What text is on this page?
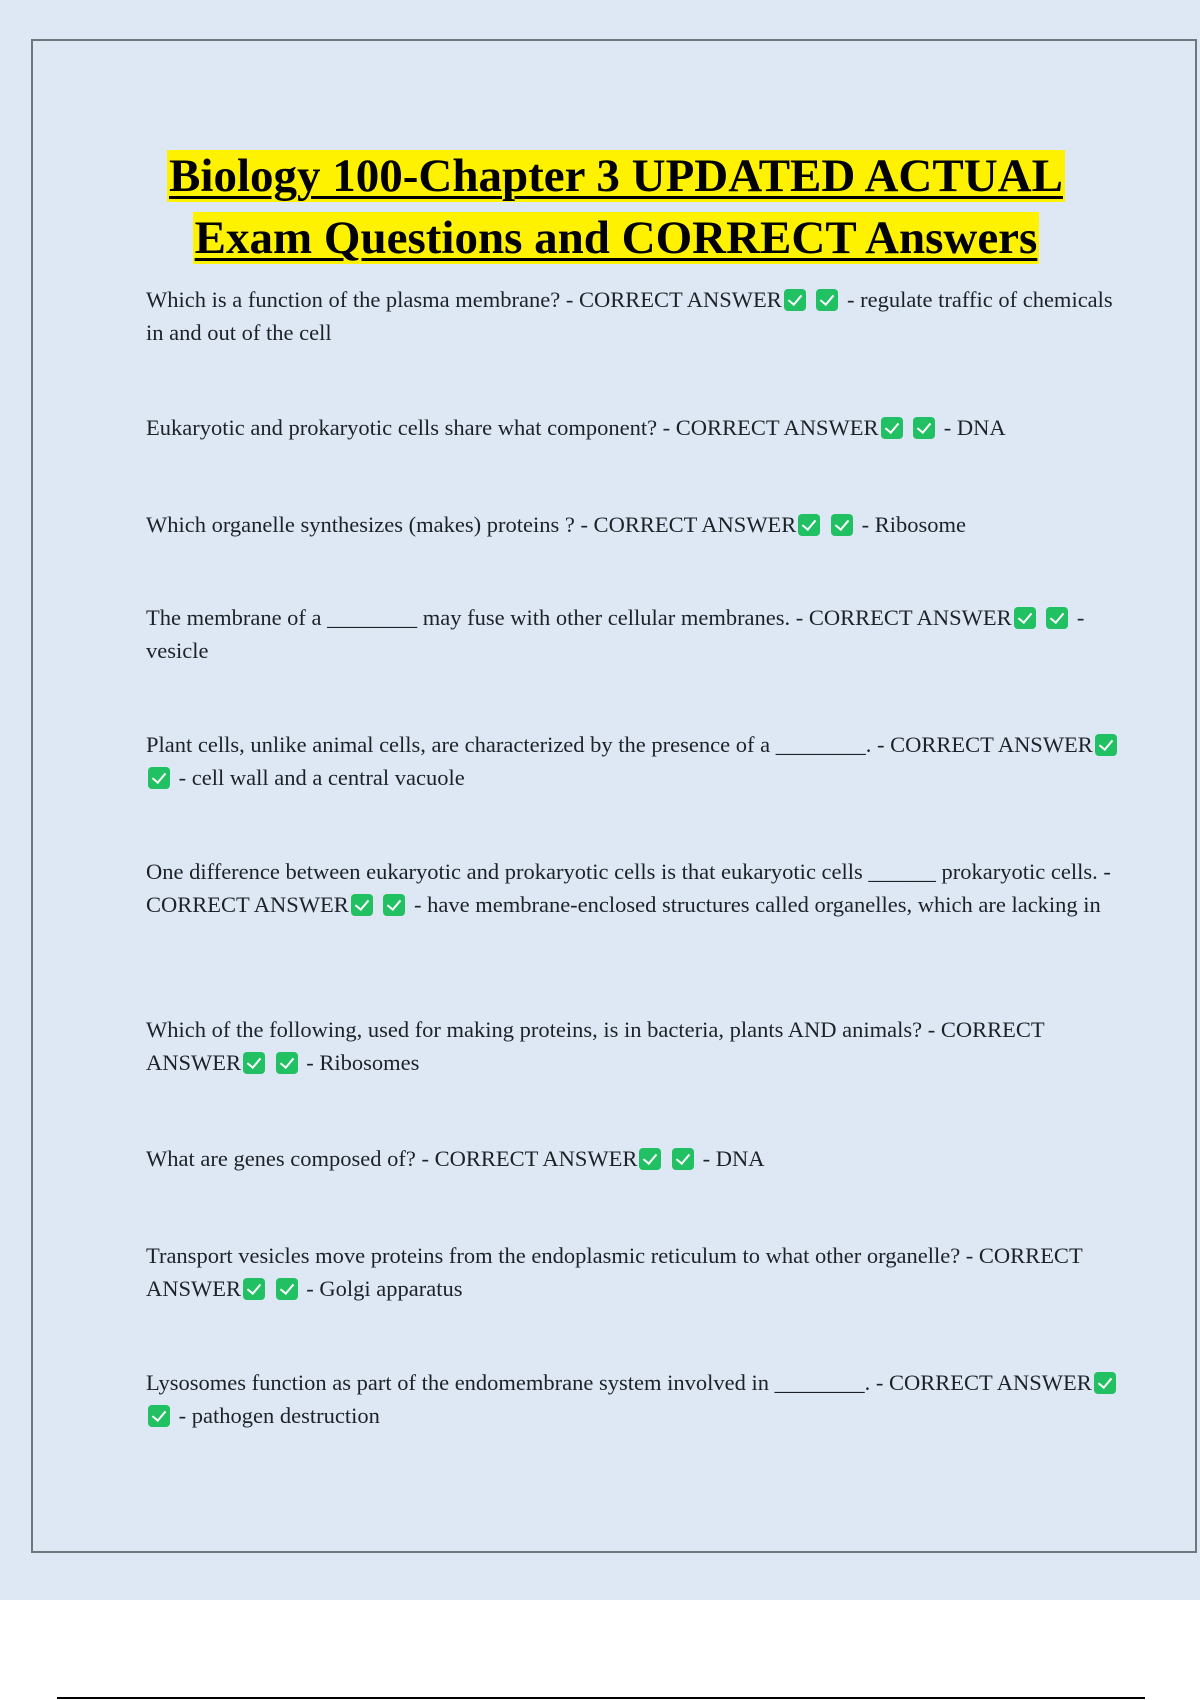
Biology 100-Chapter 3 UPDATED ACTUAL
Exam Questions and CORRECT Answers

Which is a function of the plasma membrane? - CORRECT ANSWER	- regulate traffic of chemicals in and out of the cell

Eukaryotic and prokaryotic cells share what component? - CORRECT ANSWER	- DNA

Which organelle synthesizes (makes) proteins ? - CORRECT ANSWER	- Ribosome

The membrane of a ________ may fuse with other cellular membranes. - CORRECT ANSWER	- vesicle

Plant cells, unlike animal cells, are characterized by the presence of a ________. - CORRECT ANSWER  - cell wall and a central vacuole

One difference between eukaryotic and prokaryotic cells is that eukaryotic cells ______ prokaryotic cells. - CORRECT ANSWER	- have membrane-enclosed structures called organelles, which are lacking in

Which of the following, used for making proteins, is in bacteria, plants AND animals? - CORRECT ANSWER	- Ribosomes

What are genes composed of? - CORRECT ANSWER	- DNA

Transport vesicles move proteins from the endoplasmic reticulum to what other organelle? - CORRECT ANSWER	- Golgi apparatus

Lysosomes function as part of the endomembrane system involved in ________. - CORRECT ANSWER  - pathogen destruction
